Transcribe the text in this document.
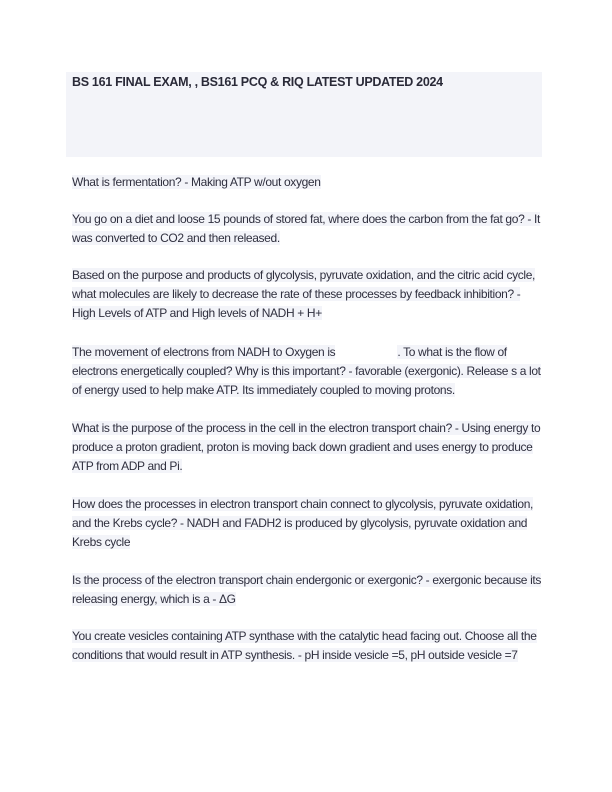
BS 161 FINAL EXAM, , BS161 PCQ & RIQ LATEST UPDATED 2024
What is fermentation? - Making ATP w/out oxygen
You go on a diet and loose 15 pounds of stored fat, where does the carbon from the fat go? - It was converted to CO2 and then released.
Based on the purpose and products of glycolysis, pyruvate oxidation, and the citric acid cycle, what molecules are likely to decrease the rate of these processes by feedback inhibition? - High Levels of ATP and High levels of NADH + H+
The movement of electrons from NADH to Oxygen is	. To what is the flow of electrons energetically coupled? Why is this important? - favorable (exergonic). Release s a lot of energy used to help make ATP. Its immediately coupled to moving protons.
What is the purpose of the process in the cell in the electron transport chain? - Using energy to produce a proton gradient, proton is moving back down gradient and uses energy to produce ATP from ADP and Pi.
How does the processes in electron transport chain connect to glycolysis, pyruvate oxidation, and the Krebs cycle? - NADH and FADH2 is produced by glycolysis, pyruvate oxidation and Krebs cycle
Is the process of the electron transport chain endergonic or exergonic? - exergonic because its releasing energy, which is a - ΔG
You create vesicles containing ATP synthase with the catalytic head facing out. Choose all the conditions that would result in ATP synthesis. - pH inside vesicle =5, pH outside vesicle =7
